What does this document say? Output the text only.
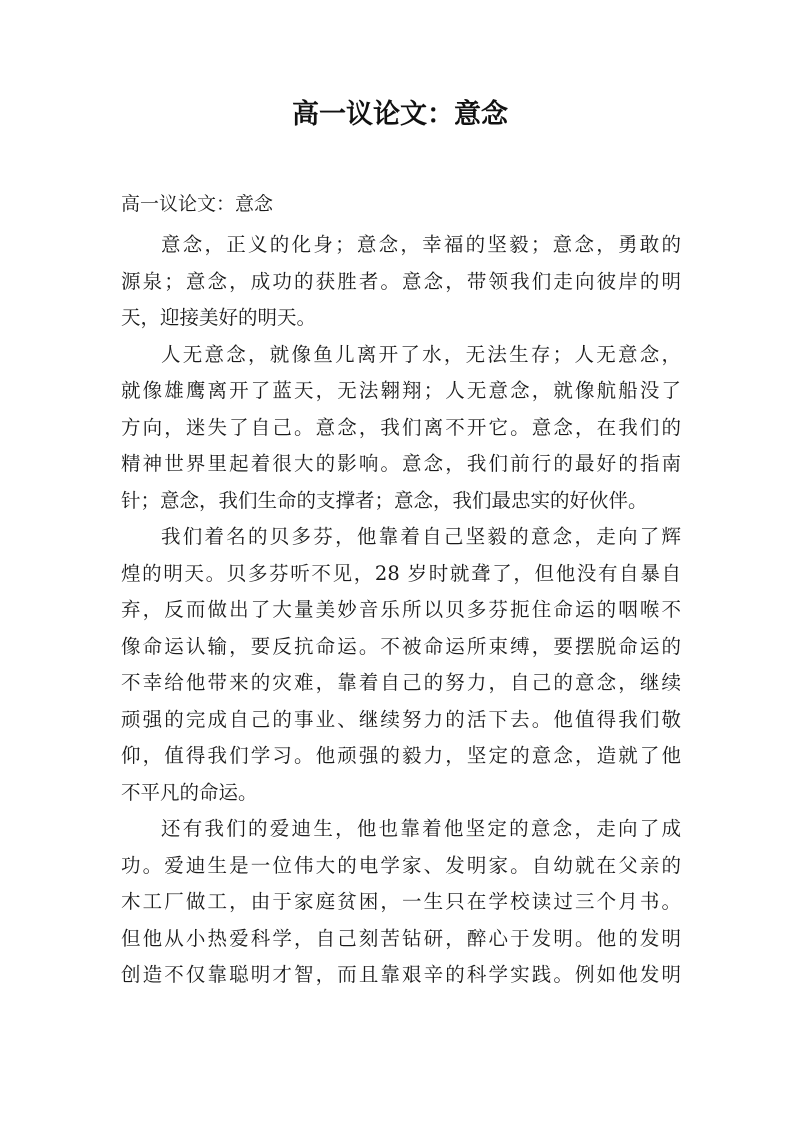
高一议论文：意念
高一议论文：意念
意念，正义的化身；意念，幸福的坚毅；意念，勇敢的
源泉；意念，成功的获胜者。意念，带领我们走向彼岸的明
天，迎接美好的明天。
人无意念，就像鱼儿离开了水，无法生存；人无意念，
就像雄鹰离开了蓝天，无法翱翔；人无意念，就像航船没了
方向，迷失了自己。意念，我们离不开它。意念，在我们的
精神世界里起着很大的影响。意念，我们前行的最好的指南
针；意念，我们生命的支撑者；意念，我们最忠实的好伙伴。
我们着名的贝多芬，他靠着自己坚毅的意念，走向了辉
煌的明天。贝多芬听不见，28 岁时就聋了，但他没有自暴自
弃，反而做出了大量美妙音乐所以贝多芬扼住命运的咽喉不
像命运认输，要反抗命运。不被命运所束缚，要摆脱命运的
不幸给他带来的灾难，靠着自己的努力，自己的意念，继续
顽强的完成自己的事业、继续努力的活下去。他值得我们敬
仰，值得我们学习。他顽强的毅力，坚定的意念，造就了他
不平凡的命运。
还有我们的爱迪生，他也靠着他坚定的意念，走向了成
功。爱迪生是一位伟大的电学家、发明家。自幼就在父亲的
木工厂做工，由于家庭贫困，一生只在学校读过三个月书。
但他从小热爱科学，自己刻苦钻研，醉心于发明。他的发明
创造不仅靠聪明才智，而且靠艰辛的科学实践。例如他发明
